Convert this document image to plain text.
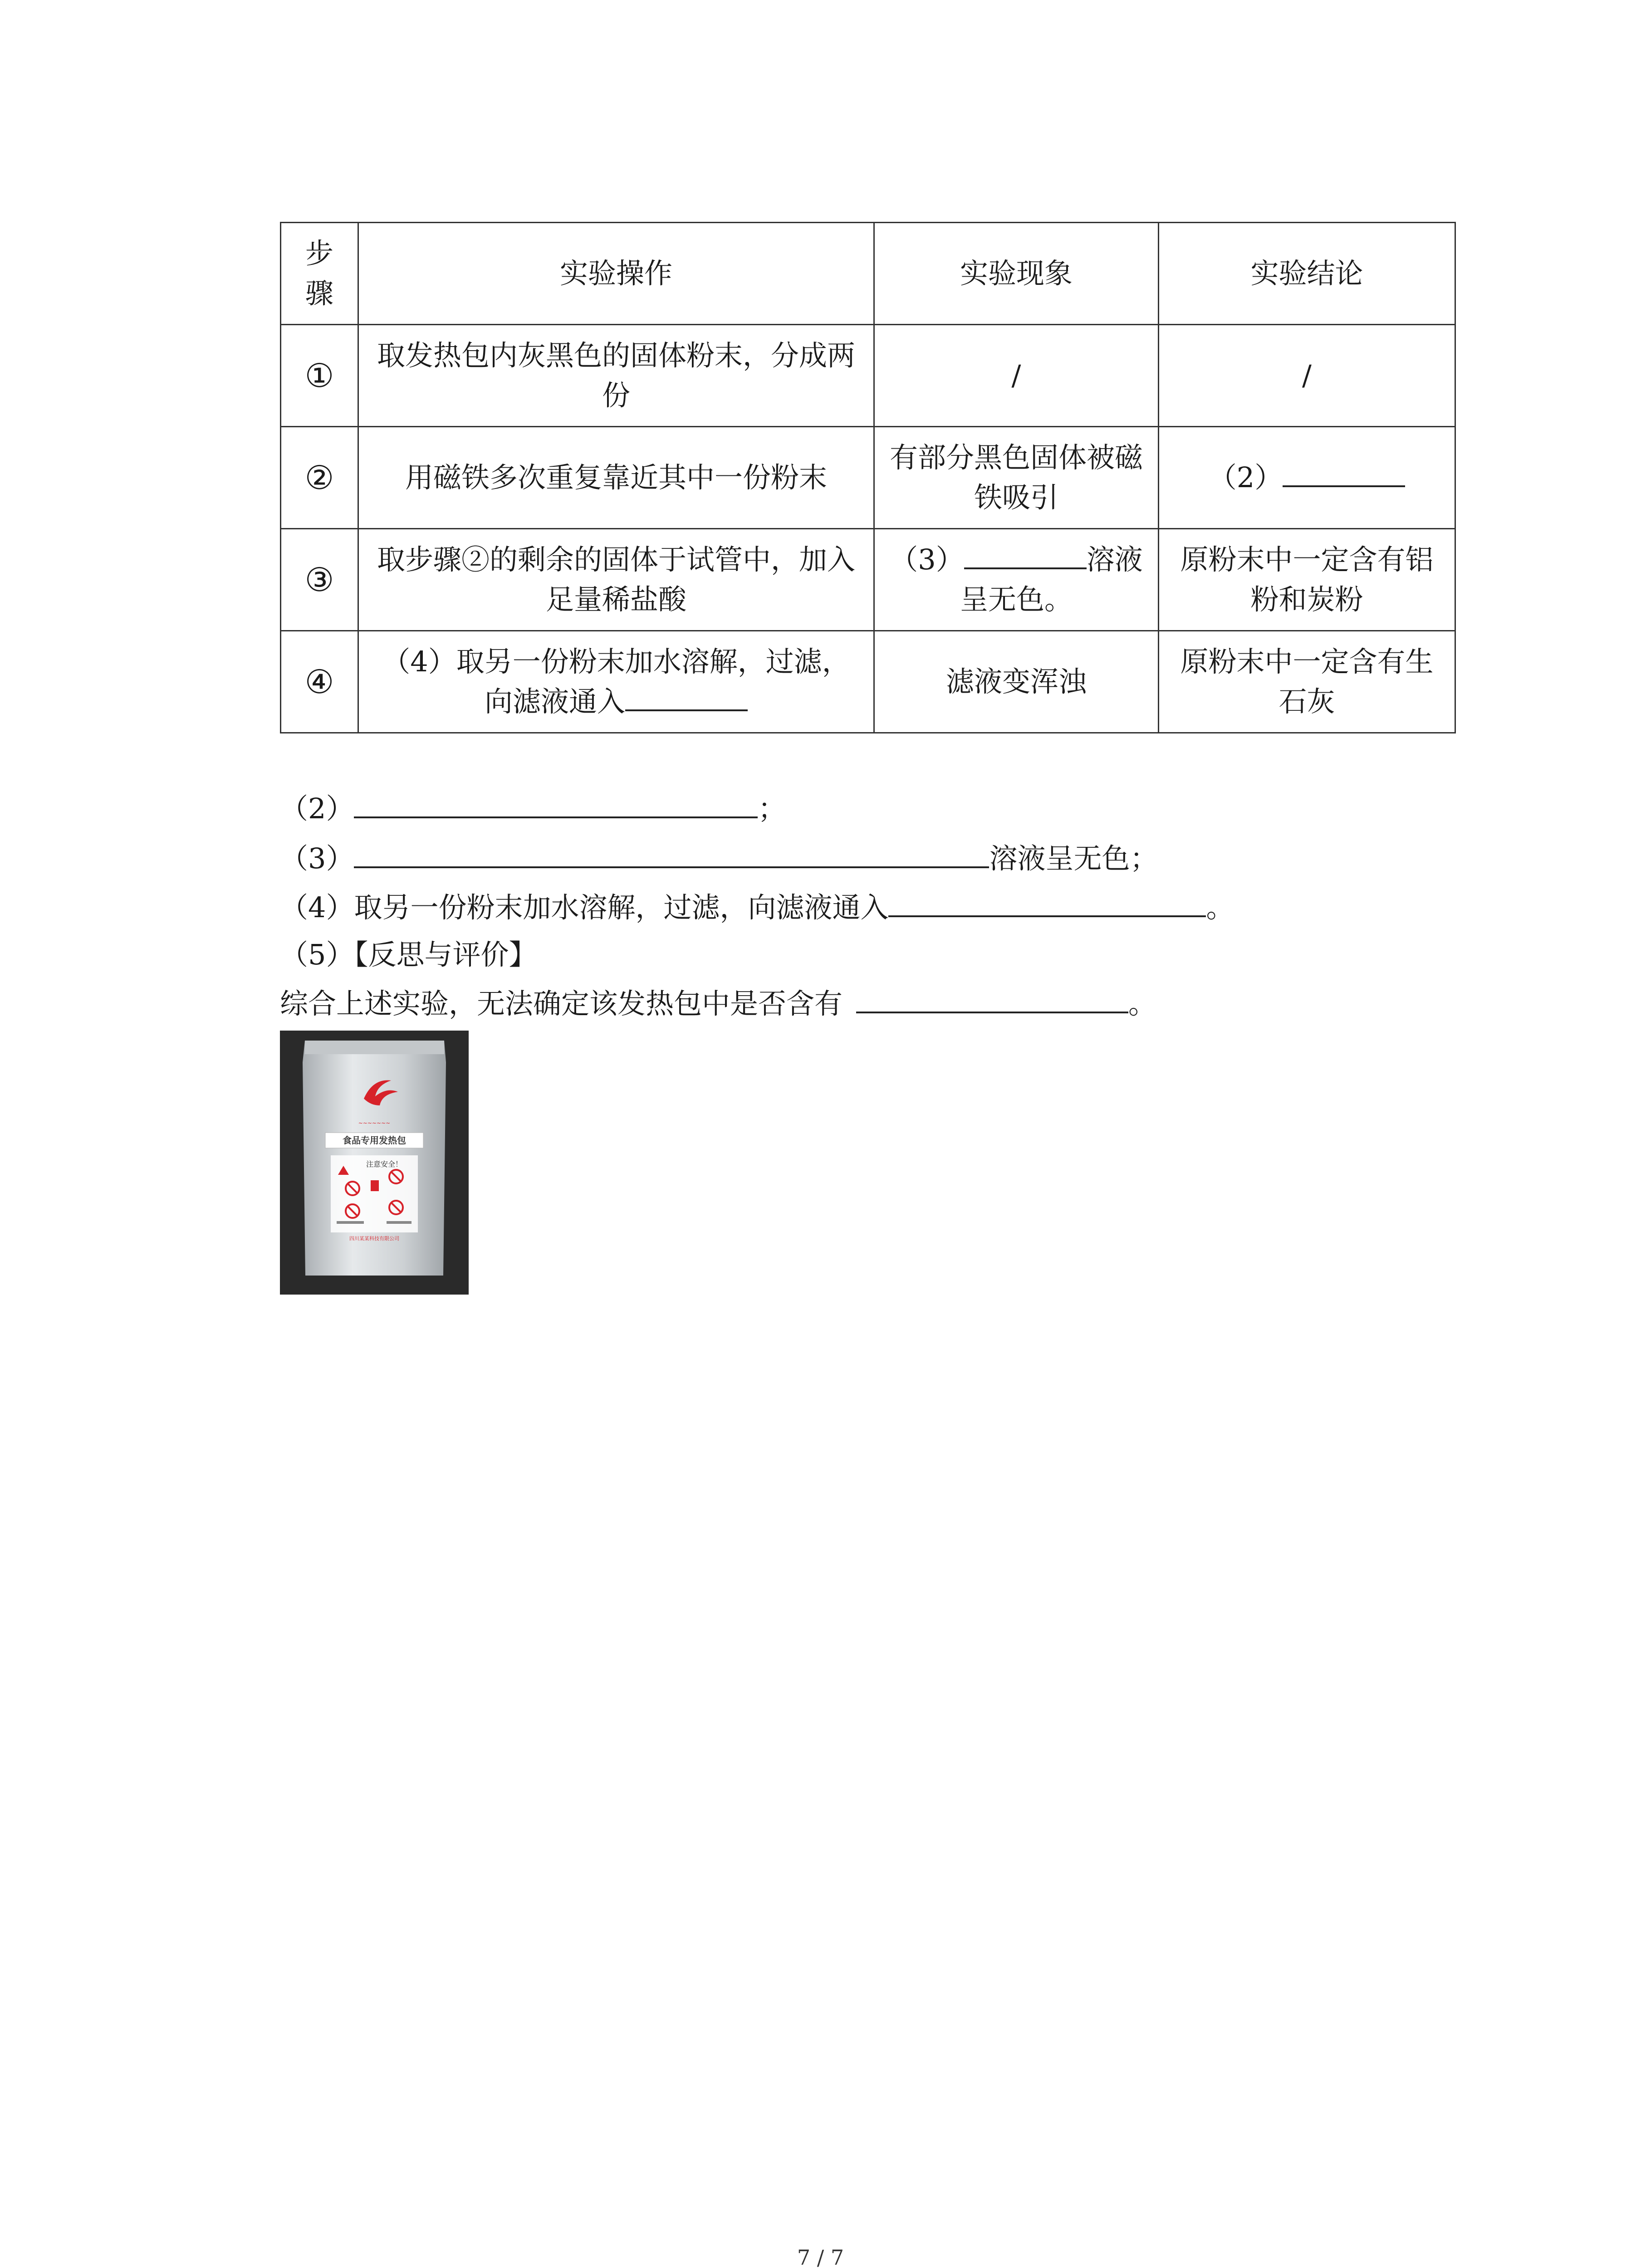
步
骤	实验操作	实验现象	实验结论
①	取发热包内灰黑色的固体粉末，分成两份	/	/
②	用磁铁多次重复靠近其中一份粉末	有部分黑色固体被磁铁吸引	（2）
③	取步骤②的剩余的固体于试管中，加入足量稀盐酸	（3） 溶液呈无色。	原粉末中一定含有铝粉和炭粉
④	（4）取另一份粉末加水溶解，过滤，向滤液通入	滤液变浑浊	原粉末中一定含有生石灰
（2）	；
（3）	溶液呈无色；
（4）取另一份粉末加水溶解，过滤，向滤液通入	。
（5）【反思与评价】
综合上述实验，无法确定该发热包中是否含有	。
~~~~~~~
食品专用发热包
注意安全！
四川某某科技有限公司
7 / 7
